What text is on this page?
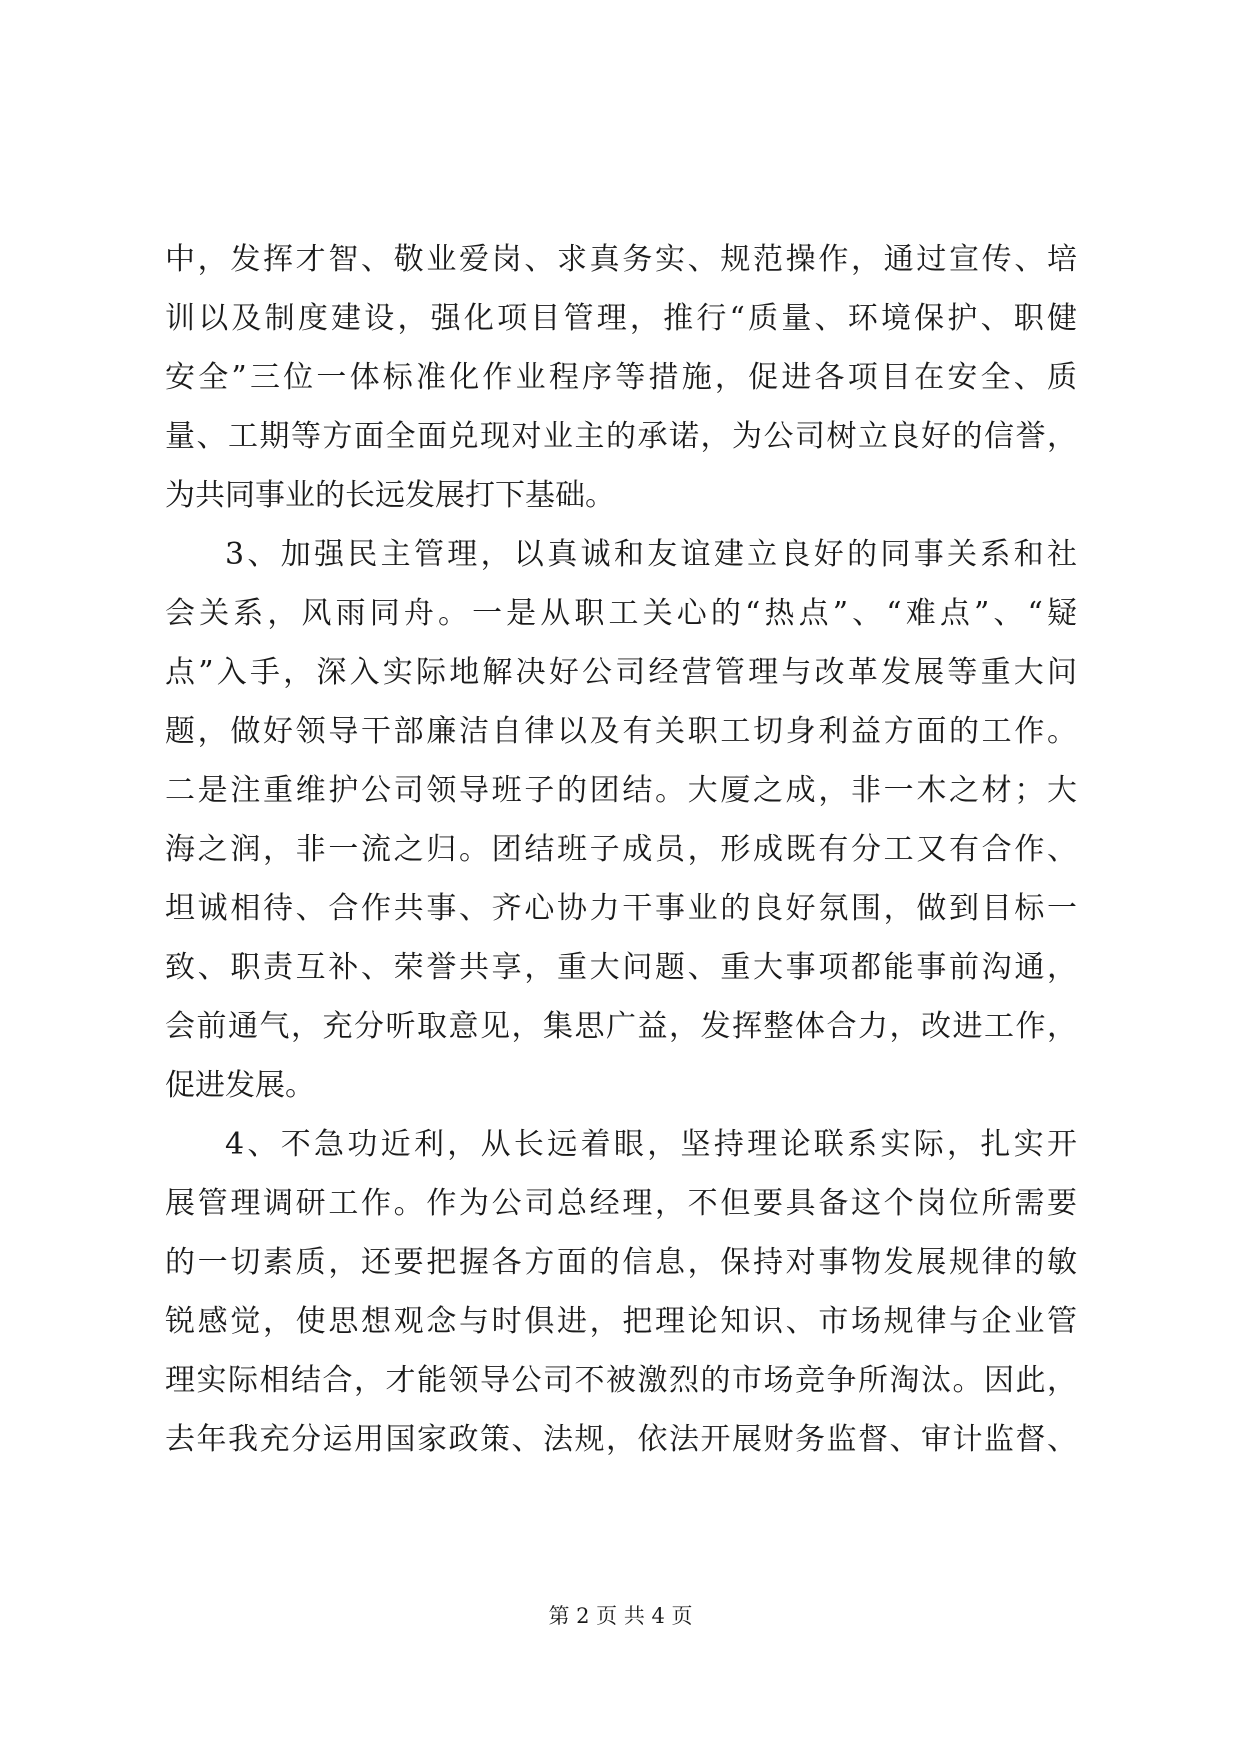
中，发挥才智、敬业爱岗、求真务实、规范操作，通过宣传、培
训以及制度建设，强化项目管理，推行“质量、环境保护、职健
安全”三位一体标准化作业程序等措施，促进各项目在安全、质
量、工期等方面全面兑现对业主的承诺，为公司树立良好的信誉，
为共同事业的长远发展打下基础。
3、加强民主管理，以真诚和友谊建立良好的同事关系和社
会关系，风雨同舟。一是从职工关心的“热点”、“难点”、“疑
点”入手，深入实际地解决好公司经营管理与改革发展等重大问
题，做好领导干部廉洁自律以及有关职工切身利益方面的工作。
二是注重维护公司领导班子的团结。大厦之成，非一木之材；大
海之润，非一流之归。团结班子成员，形成既有分工又有合作、
坦诚相待、合作共事、齐心协力干事业的良好氛围，做到目标一
致、职责互补、荣誉共享，重大问题、重大事项都能事前沟通，
会前通气，充分听取意见，集思广益，发挥整体合力，改进工作，
促进发展。
4、不急功近利，从长远着眼，坚持理论联系实际，扎实开
展管理调研工作。作为公司总经理，不但要具备这个岗位所需要
的一切素质，还要把握各方面的信息，保持对事物发展规律的敏
锐感觉，使思想观念与时俱进，把理论知识、市场规律与企业管
理实际相结合，才能领导公司不被激烈的市场竞争所淘汰。因此，
去年我充分运用国家政策、法规，依法开展财务监督、审计监督、
第 2 页 共 4 页
